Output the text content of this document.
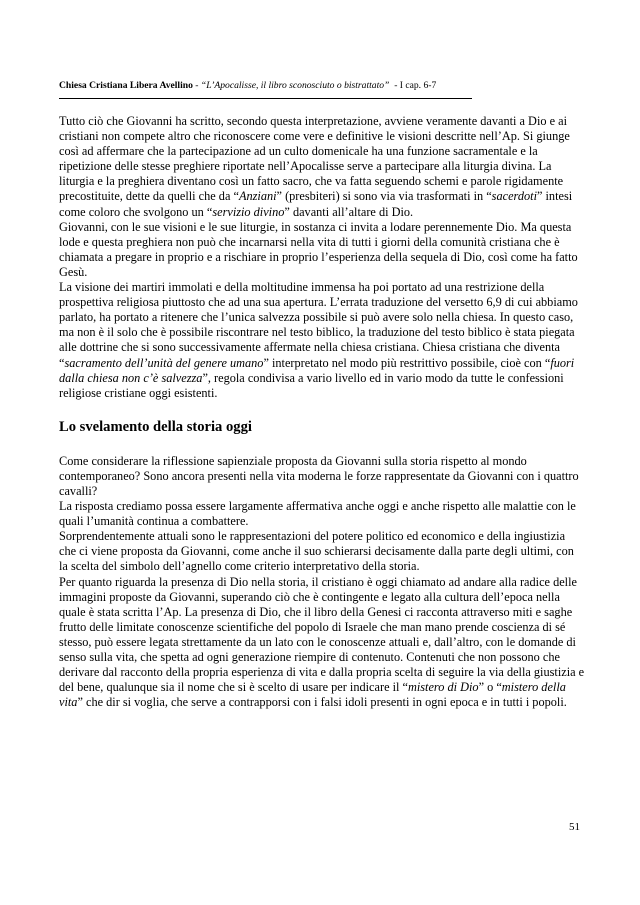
Chiesa Cristiana Libera Avellino - “L’Apocalisse, il libro sconosciuto o bistrattato”  - I cap. 6-7

Tutto ciò che Giovanni ha scritto, secondo questa interpretazione, avviene veramente davanti a Dio e ai cristiani non compete altro che riconoscere come vere e definitive le visioni descritte nell’Ap. Si giunge così ad affermare che la partecipazione ad un culto domenicale ha una funzione sacramentale e la ripetizione delle stesse preghiere riportate nell’Apocalisse serve a partecipare alla liturgia divina. La liturgia e la preghiera diventano così un fatto sacro, che va fatta seguendo schemi e parole rigidamente precostituite, dette da quelli che da “Anziani” (presbiteri) si sono via via trasformati in “sacerdoti” intesi come coloro che svolgono un “servizio divino” davanti all’altare di Dio.

Giovanni, con le sue visioni e le sue liturgie, in sostanza ci invita a lodare perennemente Dio. Ma questa lode e questa preghiera non può che incarnarsi nella vita di tutti i giorni della comunità cristiana che è chiamata a pregare in proprio e a rischiare in proprio l’esperienza della sequela di Dio, così come ha fatto Gesù.

La visione dei martiri immolati e della moltitudine immensa ha poi portato ad una restrizione della prospettiva religiosa piuttosto che ad una sua apertura. L’errata traduzione del versetto 6,9 di cui abbiamo parlato, ha portato a ritenere che l’unica salvezza possibile si può avere solo nella chiesa. In questo caso, ma non è il solo che è possibile riscontrare nel testo biblico, la traduzione del testo biblico è stata piegata alle dottrine che si sono successivamente affermate nella chiesa cristiana. Chiesa cristiana che diventa “sacramento dell’unità del genere umano” interpretato nel modo più restrittivo possibile, cioè con “fuori dalla chiesa non c’è salvezza”, regola condivisa a vario livello ed in vario modo da tutte le confessioni religiose cristiane oggi esistenti.

Lo svelamento della storia oggi

Come considerare la riflessione sapienziale proposta da Giovanni sulla storia rispetto al mondo contemporaneo? Sono ancora presenti nella vita moderna le forze rappresentate da Giovanni con i quattro cavalli?

La risposta crediamo possa essere largamente affermativa anche oggi e anche rispetto alle malattie con le quali l’umanità continua a combattere.

Sorprendentemente attuali sono le rappresentazioni del potere politico ed economico e della ingiustizia che ci viene proposta da Giovanni, come anche il suo schierarsi decisamente dalla parte degli ultimi, con la scelta del simbolo dell’agnello come criterio interpretativo della storia.

Per quanto riguarda la presenza di Dio nella storia, il cristiano è oggi chiamato ad andare alla radice delle immagini proposte da Giovanni, superando ciò che è contingente e legato alla cultura dell’epoca nella quale è stata scritta l’Ap. La presenza di Dio, che il libro della Genesi ci racconta attraverso miti e saghe frutto delle limitate conoscenze scientifiche del popolo di Israele che man mano prende coscienza di sé stesso, può essere legata strettamente da un lato con le conoscenze attuali e, dall’altro, con le domande di senso sulla vita, che spetta ad ogni generazione riempire di contenuto. Contenuti che non possono che derivare dal racconto della propria esperienza di vita e dalla propria scelta di seguire la via della giustizia e del bene, qualunque sia il nome che si è scelto di usare per indicare il “mistero di Dio” o “mistero della vita” che dir si voglia, che serve a contrapporsi con i falsi idoli presenti in ogni epoca e in tutti i popoli.

51
